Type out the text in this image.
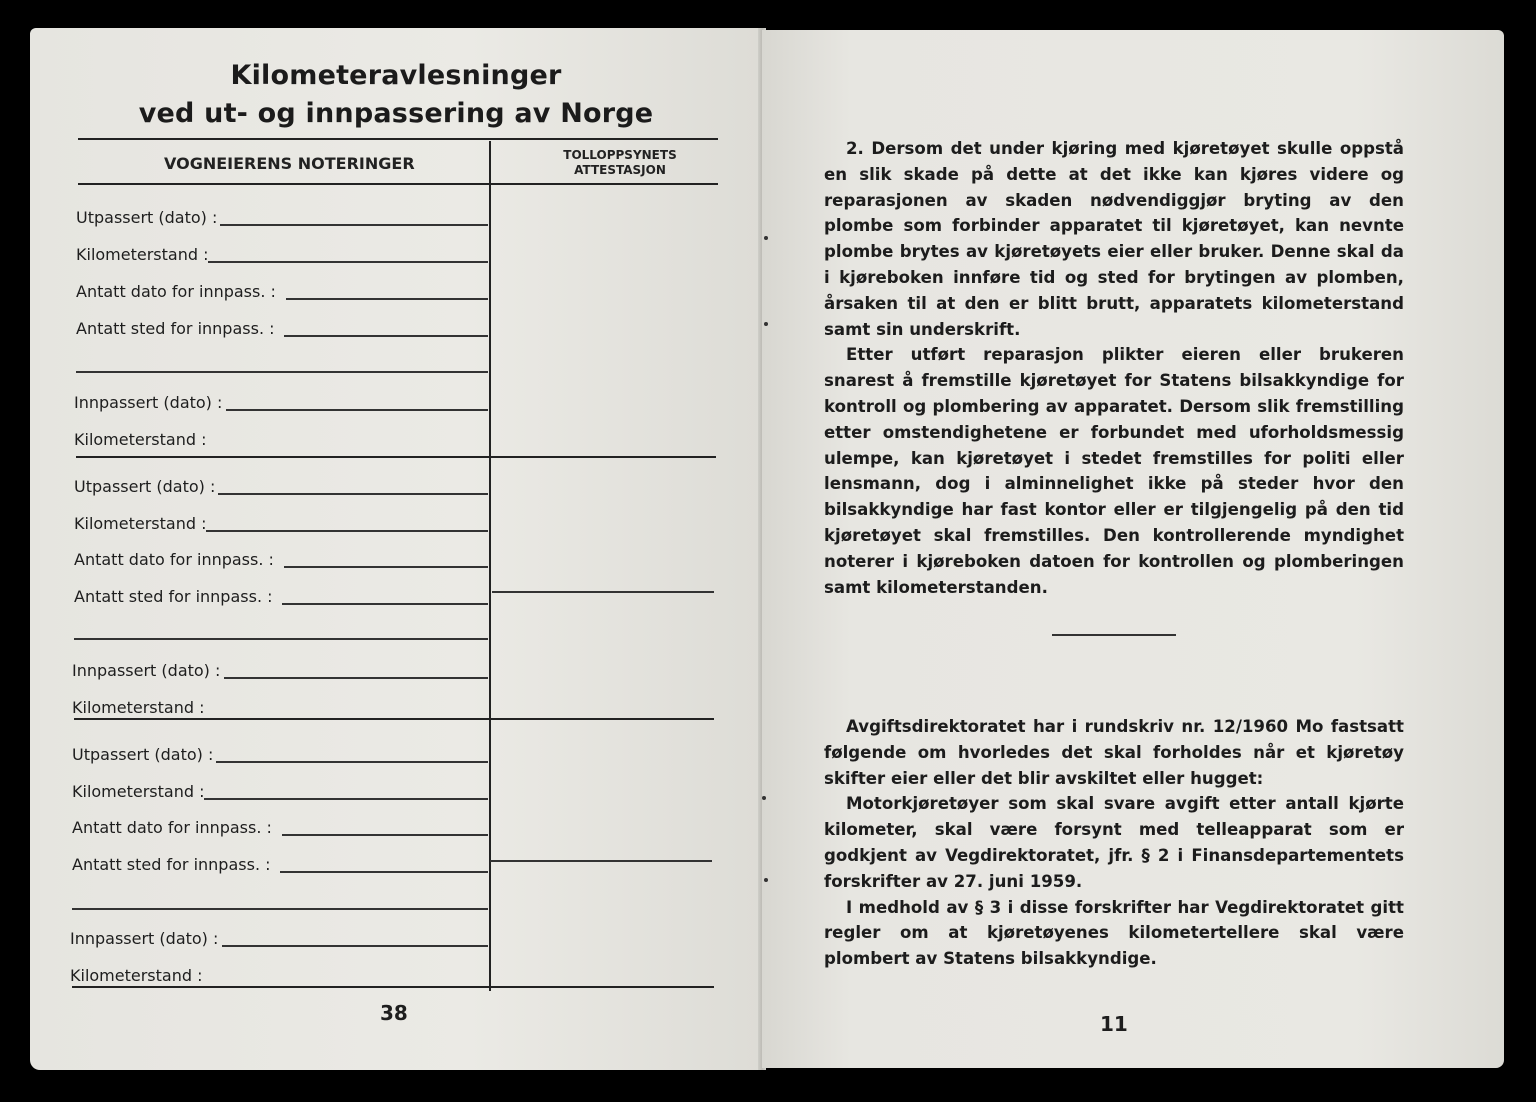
Kilometeravlesninger
ved ut- og innpassering av Norge
VOGNEIERENS NOTERINGER	TOLLOPPSYNETS
ATTESTASJON
Utpassert (dato) :
Kilometerstand :
Antatt dato for innpass. :
Antatt sted for innpass. :
Innpassert (dato) :
Kilometerstand :
Utpassert (dato) :
Kilometerstand :
Antatt dato for innpass. :
Antatt sted for innpass. :
Innpassert (dato) :
Kilometerstand :
Utpassert (dato) :
Kilometerstand :
Antatt dato for innpass. :
Antatt sted for innpass. :
Innpassert (dato) :
Kilometerstand :
38

2. Dersom det under kjøring med kjøretøyet skulle oppstå en slik skade på dette at det ikke kan kjøres videre og reparasjonen av skaden nødvendiggjør bryting av den plombe som forbinder apparatet til kjøretøyet, kan nevnte plombe brytes av kjøretøyets eier eller bruker. Denne skal da i kjøreboken innføre tid og sted for brytingen av plomben, årsaken til at den er blitt brutt, apparatets kilometerstand samt sin underskrift.

Etter utført reparasjon plikter eieren eller brukeren snarest å fremstille kjøretøyet for Statens bilsakkyndige for kontroll og plombering av apparatet. Dersom slik fremstilling etter omstendighetene er forbundet med uforholdsmessig ulempe, kan kjøretøyet i stedet fremstilles for politi eller lensmann, dog i alminnelighet ikke på steder hvor den bilsakkyndige har fast kontor eller er tilgjengelig på den tid kjøretøyet skal fremstilles. Den kontrollerende myndighet noterer i kjøreboken datoen for kontrollen og plomberingen samt kilometerstanden.

Avgiftsdirektoratet har i rundskriv nr. 12/1960 Mo fastsatt følgende om hvorledes det skal forholdes når et kjøretøy skifter eier eller det blir avskiltet eller hugget:

Motorkjøretøyer som skal svare avgift etter antall kjørte kilometer, skal være forsynt med telleapparat som er godkjent av Vegdirektoratet, jfr. § 2 i Finansdepartementets forskrifter av 27. juni 1959.

I medhold av § 3 i disse forskrifter har Vegdirektoratet gitt regler om at kjøretøyenes kilometertellere skal være plombert av Statens bilsakkyndige.

11
